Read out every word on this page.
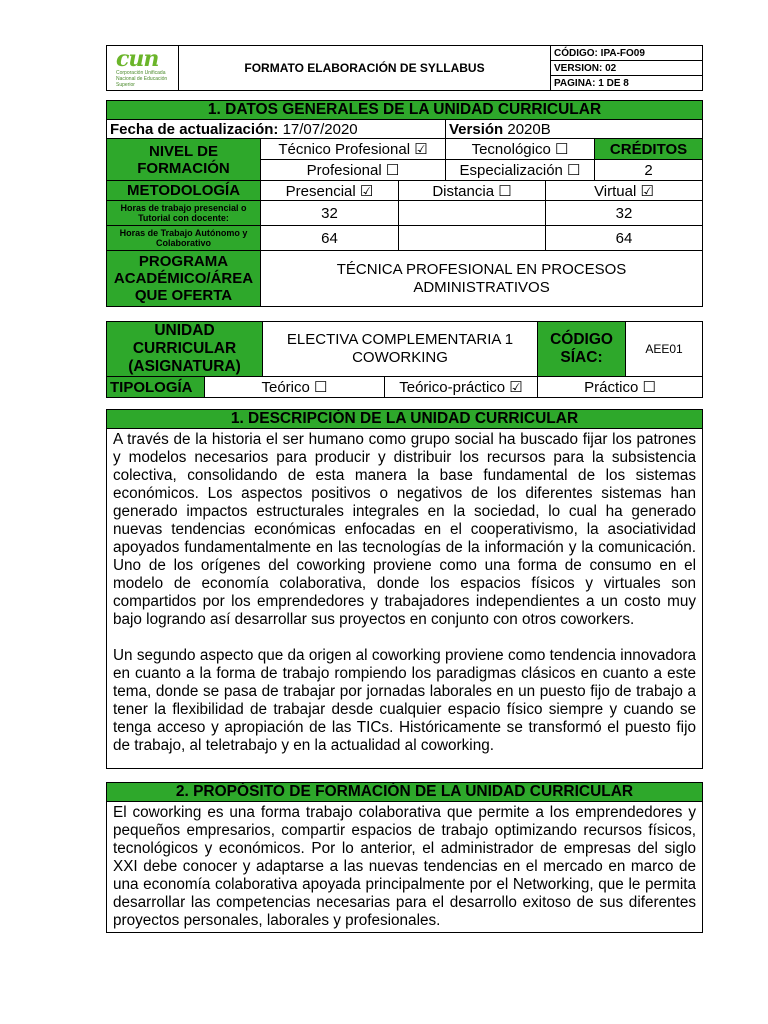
cun
Corporación Unificada Nacional de Educación Superior
	FORMATO ELABORACIÓN DE SYLLABUS	CÓDIGO: IPA-FO09
VERSION: 02
PAGINA: 1 DE 8
1. DATOS GENERALES DE LA UNIDAD CURRICULAR					
Fecha de actualización: 17/07/2020			Versión 2020B		
NIVEL DE FORMACIÓN	Técnico Profesional ☑		Tecnológico ☐		CRÉDITOS
	Profesional ☐		Especialización ☐		2
METODOLOGÍA	Presencial ☑	Distancia ☐		Virtual ☑	
Horas de trabajo presencial o Tutorial con docente:	32			32	
Horas de Trabajo Autónomo y Colaborativo	64			64	
PROGRAMA ACADÉMICO/ÁREA QUE OFERTA	TÉCNICA PROFESIONAL EN PROCESOS ADMINISTRATIVOS				
UNIDAD CURRICULAR (ASIGNATURA)		ELECTIVA COMPLEMENTARIA 1 COWORKING		CÓDIGO SÍAC:	AEE01
TIPOLOGÍA	Teórico ☐		Teórico-práctico ☑	Práctico ☐	
1. DESCRIPCIÓN DE LA UNIDAD CURRICULAR

A través de la historia el ser humano como grupo social ha buscado fijar los patrones y modelos necesarios para producir y distribuir los recursos para la subsistencia colectiva, consolidando de esta manera la base fundamental de los sistemas económicos. Los aspectos positivos o negativos de los diferentes sistemas han generado impactos estructurales integrales en la sociedad, lo cual ha generado nuevas tendencias económicas enfocadas en el cooperativismo, la asociatividad apoyados fundamentalmente en las tecnologías de la información y la comunicación. Uno de los orígenes del coworking proviene como una forma de consumo en el modelo de economía colaborativa, donde los espacios físicos y virtuales son compartidos por los emprendedores y trabajadores independientes a un costo muy bajo logrando así desarrollar sus proyectos en conjunto con otros coworkers.

Un segundo aspecto que da origen al coworking proviene como tendencia innovadora en cuanto a la forma de trabajo rompiendo los paradigmas clásicos en cuanto a este tema, donde se pasa de trabajar por jornadas laborales en un puesto fijo de trabajo a tener la flexibilidad de trabajar desde cualquier espacio físico siempre y cuando se tenga acceso y apropiación de las TICs. Históricamente se transformó el puesto fijo de trabajo, al teletrabajo y en la actualidad al coworking.

2. PROPÓSITO DE FORMACIÓN DE LA UNIDAD CURRICULAR

El coworking es una forma trabajo colaborativa que permite a los emprendedores y pequeños empresarios, compartir espacios de trabajo optimizando recursos físicos, tecnológicos y económicos. Por lo anterior, el administrador de empresas del siglo XXI debe conocer y adaptarse a las nuevas tendencias en el mercado en marco de una economía colaborativa apoyada principalmente por el Networking, que le permita desarrollar las competencias necesarias para el desarrollo exitoso de sus diferentes proyectos personales, laborales y profesionales.
